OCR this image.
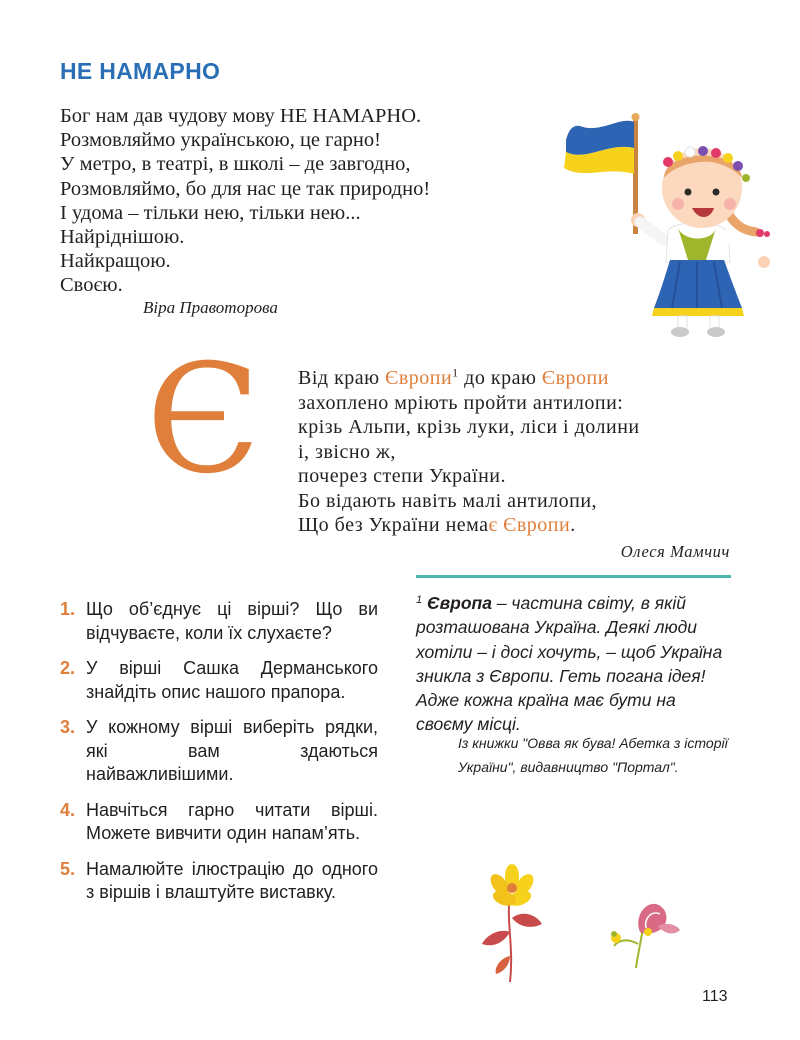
НЕ НАМАРНО
Бог нам дав чудову мову НЕ НАМАРНО.
Розмовляймо українською, це гарно!
У метро, в театрі, в школі – де завгодно,
Розмовляймо, бо для нас це так природно!
І удома – тільки нею, тільки нею...
Найріднішою.
Найкращою.
Своєю.
Віра Правоторова
Є Від краю Європи$^1$ до краю Європи
захоплено мріють пройти антилопи:
крізь Альпи, крізь луки, ліси і долини
і, звісно ж,
почерез степи України.
Бо відають навіть малі антилопи,
Що без України немає Європи.
Олеся Мамчич
$^1$ Європа – частина світу, в якій розташована Україна. Деякі люди хотіли – і досі хочуть, – щоб Україна зникла з Європи. Геть погана ідея! Адже кожна країна має бути на своєму місці.
Із книжки "Овва як бува! Абетка з історії України", видавництво "Портал".
1. Що об’єднує ці вірші? Що ви відчуваєте, коли їх слухаєте?
2. У вірші Сашка Дерманського знайдіть опис нашого прапора.
3. У кожному вірші виберіть рядки, які вам здаються найважливішими.
4. Навчіться гарно читати вірші. Можете вивчити один напам’ять.
5. Намалюйте ілюстрацію до одного з віршів і влаштуйте виставку.
113
